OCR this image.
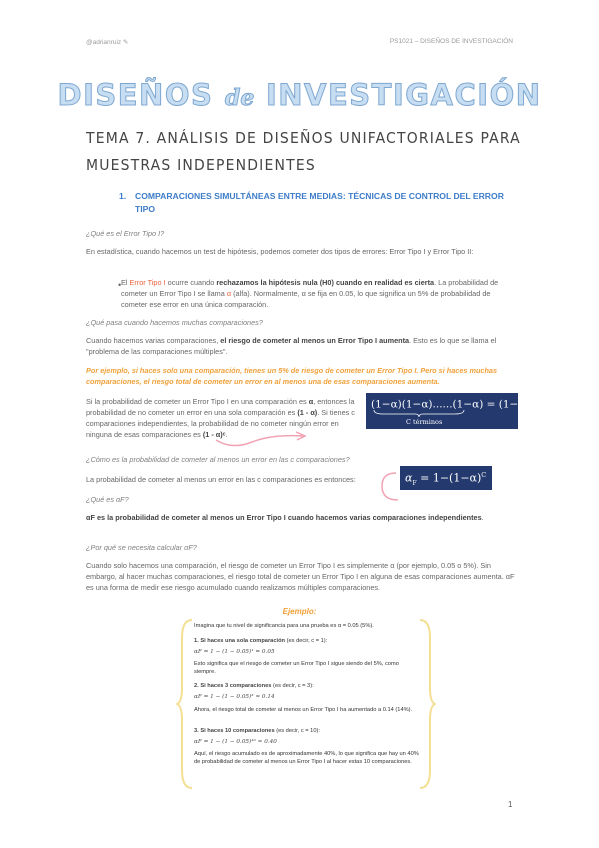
@adrianruiz ✎	PS1021 – DISEÑOS DE INVESTIGACIÓN
DISEÑOS de INVESTIGACIÓN
TEMA 7. ANÁLISIS DE DISEÑOS UNIFACTORIALES PARA MUESTRAS INDEPENDIENTES
1. COMPARACIONES SIMULTÁNEAS ENTRE MEDIAS: TÉCNICAS DE CONTROL DEL ERROR TIPO
¿Qué es el Error Tipo I?
En estadística, cuando hacemos un test de hipótesis, podemos cometer dos tipos de errores: Error Tipo I y Error Tipo II:
• El Error Tipo I ocurre cuando rechazamos la hipótesis nula (H0) cuando en realidad es cierta. La probabilidad de cometer un Error Tipo I se llama α (alfa). Normalmente, α se fija en 0.05, lo que significa un 5% de probabilidad de cometer ese error en una única comparación.
¿Qué pasa cuando hacemos muchas comparaciones?
Cuando hacemos varias comparaciones, el riesgo de cometer al menos un Error Tipo I aumenta. Esto es lo que se llama el "problema de las comparaciones múltiples".
Por ejemplo, si haces solo una comparación, tienes un 5% de riesgo de cometer un Error Tipo I. Pero si haces muchas comparaciones, el riesgo total de cometer un error en al menos una de esas comparaciones aumenta.
Si la probabilidad de cometer un Error Tipo I en una comparación es α, entonces la probabilidad de no cometer un error en una sola comparación es (1 - α). Si tienes c comparaciones independientes, la probabilidad de no cometer ningún error en ninguna de esas comparaciones es (1 - α)ᶜ.
$(1-\alpha)(1-\alpha)......(1-\alpha) = (1-\alpha)^C$
C términos
¿Cómo es la probabilidad de cometer al menos un error en las c comparaciones?
La probabilidad de cometer al menos un error en las c comparaciones es entonces:	$\alpha_F = 1-(1-\alpha)^C$
¿Qué es αF?
αF es la probabilidad de cometer al menos un Error Tipo I cuando hacemos varias comparaciones independientes.
¿Por qué se necesita calcular αF?
Cuando solo hacemos una comparación, el riesgo de cometer un Error Tipo I es simplemente α (por ejemplo, 0.05 o 5%). Sin embargo, al hacer muchas comparaciones, el riesgo total de cometer un Error Tipo I en alguna de esas comparaciones aumenta. αF es una forma de medir ese riesgo acumulado cuando realizamos múltiples comparaciones.
Ejemplo:
Imagina que tu nivel de significancia para una prueba es α = 0.05 (5%).
1. Si haces una sola comparación (es decir, c = 1):
αF = 1 − (1 − 0.05)¹ = 0.05
Esto significa que el riesgo de cometer un Error Tipo I sigue siendo del 5%, como siempre.
2. Si haces 3 comparaciones (es decir, c = 3):
αF = 1 − (1 − 0.05)³ ≈ 0.14
Ahora, el riesgo total de cometer al menos un Error Tipo I ha aumentado a 0.14 (14%).
3. Si haces 10 comparaciones (es decir, c = 10):
αF = 1 − (1 − 0.05)¹⁰ ≈ 0.40
Aquí, el riesgo acumulado es de aproximadamente 40%, lo que significa que hay un 40% de probabilidad de cometer al menos un Error Tipo I al hacer estas 10 comparaciones.
1
